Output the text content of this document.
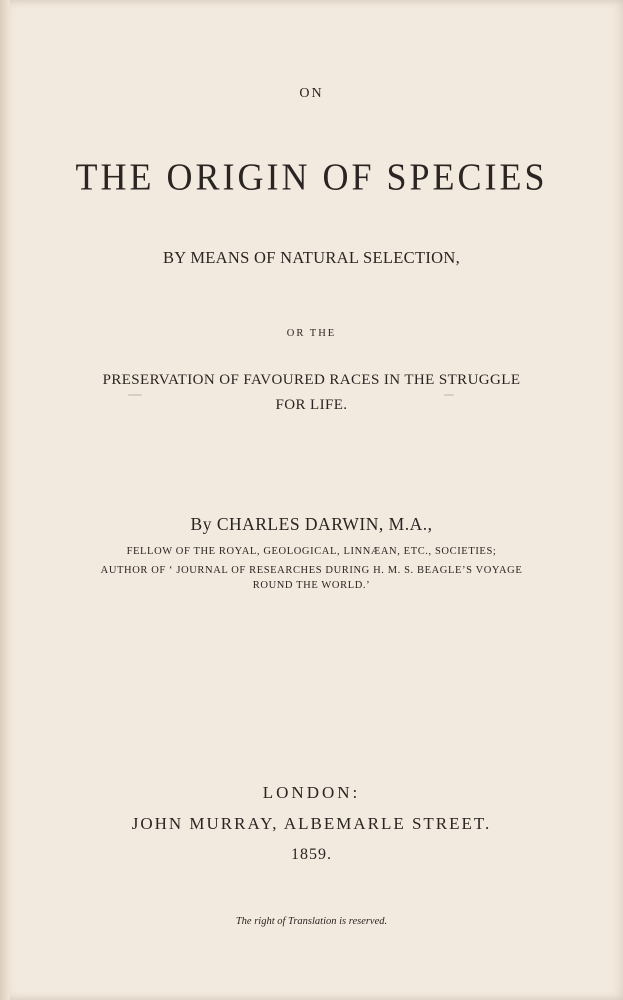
ON

THE ORIGIN OF SPECIES

BY MEANS OF NATURAL SELECTION,

OR THE

PRESERVATION OF FAVOURED RACES IN THE STRUGGLE

FOR LIFE.

By CHARLES DARWIN, M.A.,

FELLOW OF THE ROYAL, GEOLOGICAL, LINNÆAN, ETC., SOCIETIES;

AUTHOR OF ‘ JOURNAL OF RESEARCHES DURING H. M. S. BEAGLE’S VOYAGE

ROUND THE WORLD.’

LONDON:

JOHN MURRAY, ALBEMARLE STREET.

1859.

The right of Translation is reserved.
